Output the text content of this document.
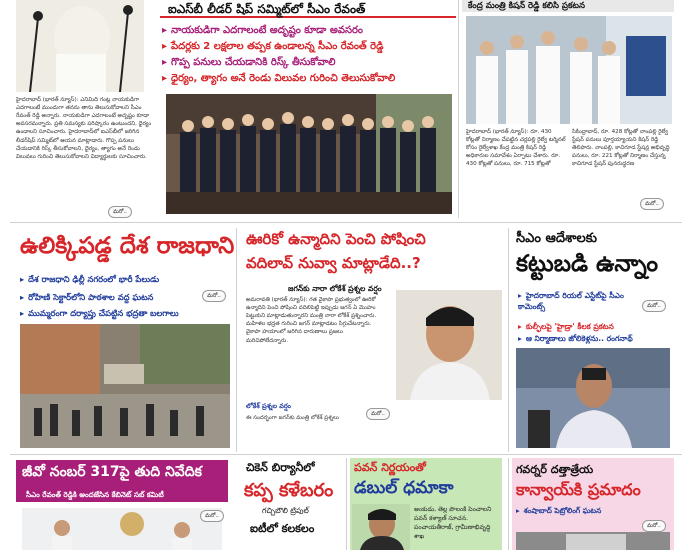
హైదరాబాద్ (భారత్ న్యూస్): ఎనిమిది గంట్ల నాయకుడిగా ఎదగాలంటే ముందుగా తనను తాను తెలుసుకోవాలని సీఎం రేవంత్ రెడ్డి అన్నారు. నాయకుడిగా ఎదగాలంటే అదృష్టం కూడా అవసరమన్నారు. ప్రతి సమస్యకు పరిష్కారం ఉంటుందని, ధైర్యం ఉండాలని సూచించారు. హైదరాబాద్‌లో ఐఎస్‌బీలో జరిగిన లీడర్‌షిప్ సమ్మిట్‌లో ఆయన మాట్లాడారు. గొప్ప పనులు చేయడానికి రిస్క్ తీసుకోవాలని, ధైర్యం, త్యాగం అనే రెండు విలువలు గురించి తెలుసుకోవాలని విద్యార్థులకు సూచించారు.
ఐఎస్‌బీ లీడర్ షిప్ సమ్మిట్‌లో సీఎం రేవంత్
▸ నాయకుడిగా ఎదగాలంటే అదృష్టం కూడా అవసరం
▸ పేదర్లకు 2 లక్షలాల తప్పక ఉండాలన్న సీఎం రేవంత్ రెడ్డి
▸ గొప్ప పనులు చేయడానికి రిస్క్ తీసుకోవాలి
▸ ధైర్యం, త్యాగం అనే రెండు విలువల గురించి తెలుసుకోవాలి
కేంద్ర మంత్రి కిషన్ రెడ్డి కలిసి ప్రకటన
హైదరాబాద్ (భారత్ న్యూస్): రూ. 430 కోట్లతో నిర్మాణం చేపట్టిన చర్లపల్లి రైల్వే టర్మినల్ కోసం రైల్వేశాఖ కేంద్ర మంత్రి కిషన్ రెడ్డి అధికారుల సమావేశం ఏర్పాటు చేశారు. రూ. 430 కోట్లతో పనులు, రూ. 715 కోట్లతో
సికింద్రాబాద్, రూ. 428 కోట్లతో నాంపల్లి రైల్వే స్టేషన్ పనులు పూర్తయ్యాయని కిషన్ రెడ్డి తెలిపారు. నాంపల్లి, కాచిగూడ స్టేషన్ల అభివృద్ధి పనులు, రూ. 221 కోట్లతో నిర్మాణం చేస్తున్న కాచిగూడ స్టేషన్ పునరుద్ధరణ
మరో..
మరో..
ఉలిక్కిపడ్డ దేశ రాజధాని
▸ దేశ రాజధాని ఢిల్లీ నగరంలో భారీ పేలుడు
▸ రోహిణి సెక్టార్‌లోని పాఠశాల వద్ద ఘటన
▸ ముమ్మరంగా దర్యాప్తు చేపట్టిన భద్రతా బలగాలు
మరో..
ఊరికో ఉన్మాదిని పెంచి పోషించి
వదిలావ్ నువ్వా మాట్లాడేది..?
జగన్‌కు నారా లోకేశ్ ప్రశ్నల వర్షం
అమరావతి (భారత్ న్యూస్): గత వైకాపా ప్రభుత్వంలో ఊరికో ఉన్మాదిని పెంచి పోషించి వదిలిపెట్టి ఇప్పుడు జగన్ ఏ మొహం పెట్టుకుని మాట్లాడుతున్నారని మంత్రి నారా లోకేశ్ ప్రశ్నించారు. మహిళల భద్రత గురించి జగన్ మాట్లాడటం సిగ్గుచేటన్నారు. వైకాపా హయాంలో జరిగిన దారుణాలు ప్రజలు మరిచిపోలేదన్నారు.
లోకేశ్ ప్రశ్నల వర్షం
ఈ సందర్భంగా జగన్‌కు మంత్రి లోకేశ్ ప్రశ్నలు
మరో..
సీఎం ఆదేశాలకు
కట్టుబడి ఉన్నాం
▸ హైదరాబాద్ రియల్ ఎస్టేట్‌పై సీఎం కామెంట్స్
▸ కుల్ఫీలపై 'హైడ్రా' కీలక ప్రకటన
▸ ఆ నిర్మాణాలు జోలికెళ్లను.. రంగనాథ్
మరో..
జీవో నంబర్ 317పై తుది నివేదిక
సీఎం రేవంత్ రెడ్డికి అందజేసిన కేబినెట్ సబ్ కమిటీ
మరో..
చికెన్ బిర్యానీలో
కప్ప కళేబరం
గచ్చిబౌలి ట్రిపుల్
ఐటీలో కలకలం
పవన్ నిర్ణయంతో
డబుల్ ధమాకా
అంకుడు, తెల్ల పొలంకి పెంచాలని పవన్ కళ్యాణ్ సూచన. పంచాయతీరాజ్, గ్రామీణాభివృద్ధి శాఖ
గవర్నర్ దత్తాత్రేయ
కాన్వాయ్‌కి ప్రమాదం
▸ శంషాబాద్ పెట్రోలింగ్ ఘటన
మరో..
